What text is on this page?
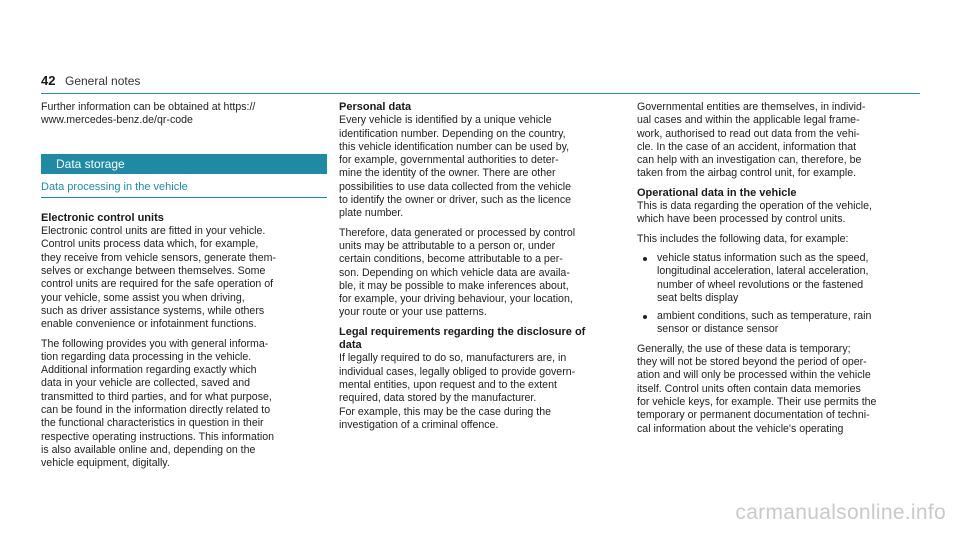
42 General notes

Further information can be obtained at https://
www.mercedes-benz.de/qr-code

Data storage
Data processing in the vehicle
Electronic control units

Electronic control units are fitted in your vehicle.
Control units process data which, for example,
they receive from vehicle sensors, generate them-
selves or exchange between themselves. Some
control units are required for the safe operation of
your vehicle, some assist you when driving,
such as driver assistance systems, while others
enable convenience or infotainment functions.

The following provides you with general informa-
tion regarding data processing in the vehicle.
Additional information regarding exactly which
data in your vehicle are collected, saved and
transmitted to third parties, and for what purpose,
can be found in the information directly related to
the functional characteristics in question in their
respective operating instructions. This information
is also available online and, depending on the
vehicle equipment, digitally.

Personal data

Every vehicle is identified by a unique vehicle
identification number. Depending on the country,
this vehicle identification number can be used by,
for example, governmental authorities to deter-
mine the identity of the owner. There are other
possibilities to use data collected from the vehicle
to identify the owner or driver, such as the licence
plate number.

Therefore, data generated or processed by control
units may be attributable to a person or, under
certain conditions, become attributable to a per-
son. Depending on which vehicle data are availa-
ble, it may be possible to make inferences about,
for example, your driving behaviour, your location,
your route or your use patterns.

Legal requirements regarding the disclosure of
data

If legally required to do so, manufacturers are, in
individual cases, legally obliged to provide govern-
mental entities, upon request and to the extent
required, data stored by the manufacturer.
For example, this may be the case during the
investigation of a criminal offence.

Governmental entities are themselves, in individ-
ual cases and within the applicable legal frame-
work, authorised to read out data from the vehi-
cle. In the case of an accident, information that
can help with an investigation can, therefore, be
taken from the airbag control unit, for example.

Operational data in the vehicle

This is data regarding the operation of the vehicle,
which have been processed by control units.

This includes the following data, for example:

vehicle status information such as the speed,
longitudinal acceleration, lateral acceleration,
number of wheel revolutions or the fastened
seat belts display
ambient conditions, such as temperature, rain
sensor or distance sensor

Generally, the use of these data is temporary;
they will not be stored beyond the period of oper-
ation and will only be processed within the vehicle
itself. Control units often contain data memories
for vehicle keys, for example. Their use permits the
temporary or permanent documentation of techni-
cal information about the vehicle's operating

carmanualsonline.info
